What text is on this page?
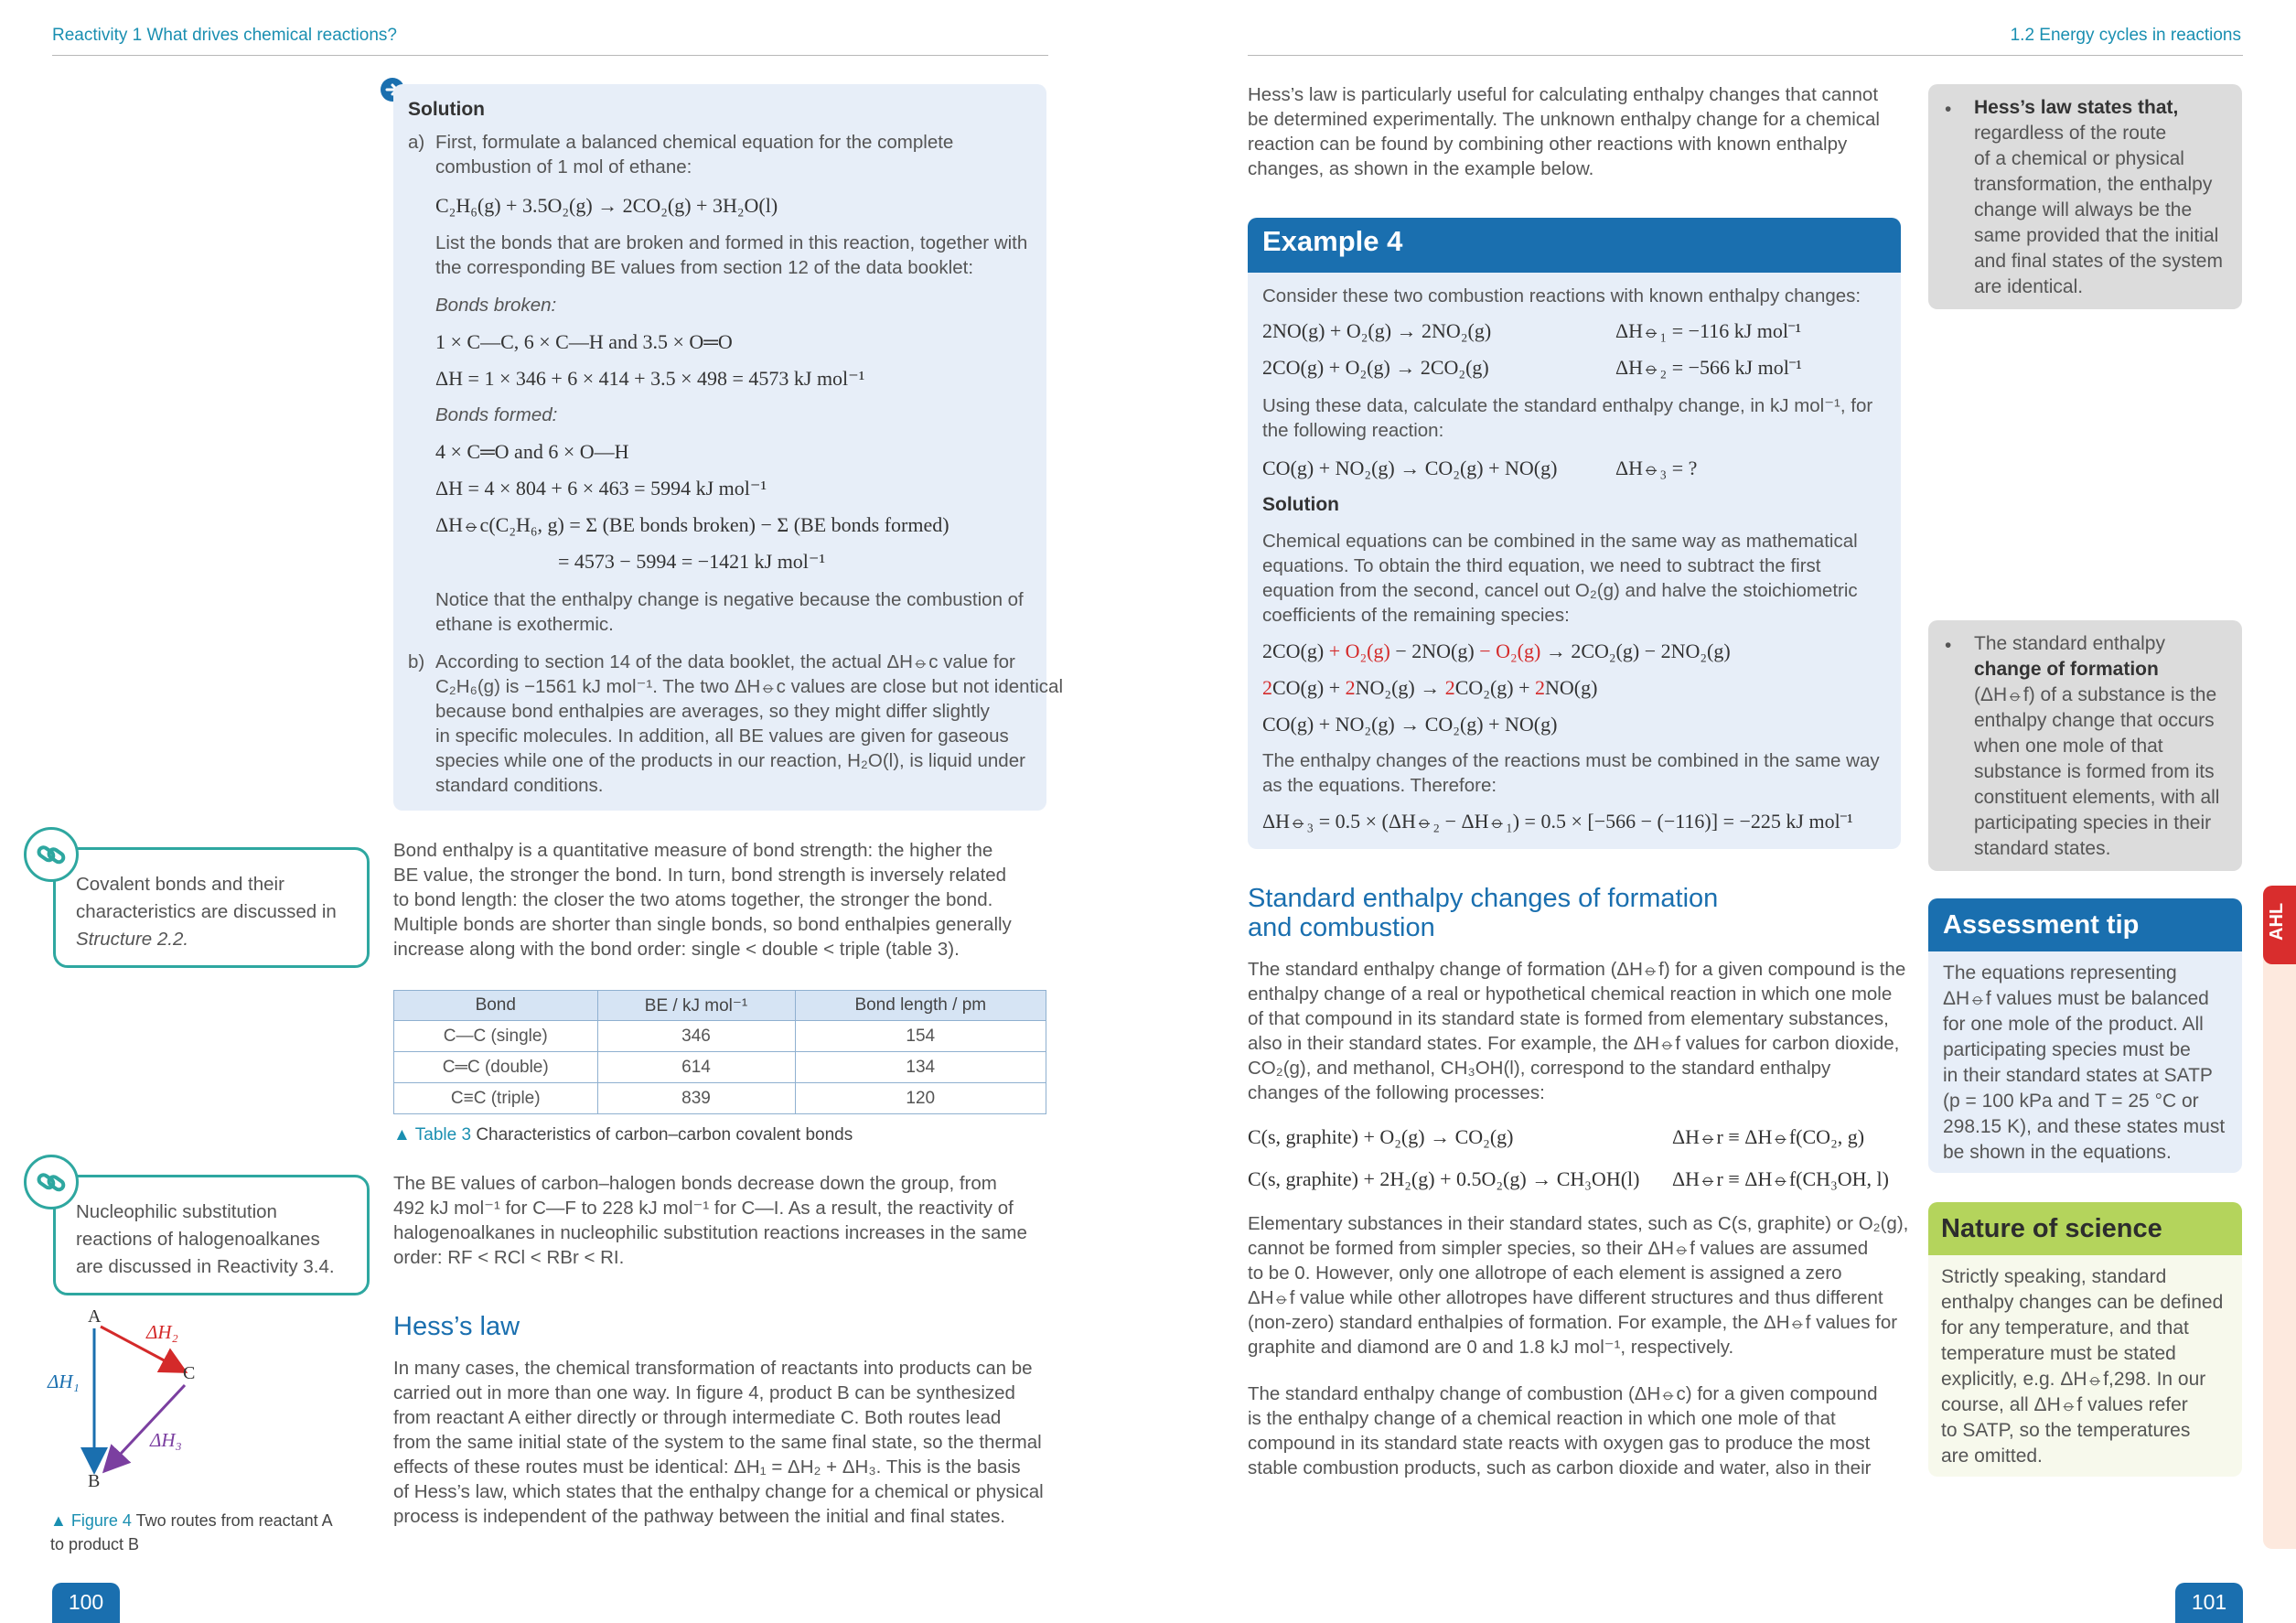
Reactivity 1 What drives chemical reactions?	1.2 Energy cycles in reactions
Solution
a) First, formulate a balanced chemical equation for the complete
combustion of 1 mol of ethane:
C₂H₆(g) + 3.5O₂(g) → 2CO₂(g) + 3H₂O(l)
List the bonds that are broken and formed in this reaction, together with
the corresponding BE values from section 12 of the data booklet:
Bonds broken:
1 × C—C, 6 × C—H and 3.5 × O═O
ΔH = 1 × 346 + 6 × 414 + 3.5 × 498 = 4573 kJ mol⁻¹
Bonds formed:
4 × C═O and 6 × O—H
ΔH = 4 × 804 + 6 × 463 = 5994 kJ mol⁻¹
ΔH⦵c(C₂H₆, g) = Σ (BE bonds broken) − Σ (BE bonds formed)
= 4573 − 5994 = −1421 kJ mol⁻¹
Notice that the enthalpy change is negative because the combustion of
ethane is exothermic.
b) According to section 14 of the data booklet, the actual ΔH⦵c value for
C₂H₆(g) is −1561 kJ mol⁻¹. The two ΔH⦵c values are close but not identical
because bond enthalpies are averages, so they might differ slightly
in specific molecules. In addition, all BE values are given for gaseous
species while one of the products in our reaction, H₂O(l), is liquid under
standard conditions.
Covalent bonds and their
characteristics are discussed in
Structure 2.2.
Nucleophilic substitution
reactions of halogenoalkanes
are discussed in Reactivity 3.4.
Bond enthalpy is a quantitative measure of bond strength: the higher the
BE value, the stronger the bond. In turn, bond strength is inversely related
to bond length: the closer the two atoms together, the stronger the bond.
Multiple bonds are shorter than single bonds, so bond enthalpies generally
increase along with the bond order: single < double < triple (table 3).
Bond	BE / kJ mol⁻¹	Bond length / pm
C—C (single)	346	154
C═C (double)	614	134
C≡C (triple)	839	120
▲ Table 3 Characteristics of carbon–carbon covalent bonds
The BE values of carbon–halogen bonds decrease down the group, from
492 kJ mol⁻¹ for C—F to 228 kJ mol⁻¹ for C—I. As a result, the reactivity of
halogenoalkanes in nucleophilic substitution reactions increases in the same
order: RF < RCl < RBr < RI.
Hess’s law
In many cases, the chemical transformation of reactants into products can be
carried out in more than one way. In figure 4, product B can be synthesized
from reactant A either directly or through intermediate C. Both routes lead
from the same initial state of the system to the same final state, so the thermal
effects of these routes must be identical: ΔH₁ = ΔH₂ + ΔH₃. This is the basis
of Hess’s law, which states that the enthalpy change for a chemical or physical
process is independent of the pathway between the initial and final states.
A
C
B
ΔH₁
ΔH₂
ΔH₃
▲ Figure 4 Two routes from reactant A
to product B
Hess’s law is particularly useful for calculating enthalpy changes that cannot
be determined experimentally. The unknown enthalpy change for a chemical
reaction can be found by combining other reactions with known enthalpy
changes, as shown in the example below.
Example 4
Consider these two combustion reactions with known enthalpy changes:
2NO(g) + O₂(g) → 2NO₂(g)	ΔH⦵₁ = −116 kJ mol⁻¹
2CO(g) + O₂(g) → 2CO₂(g)	ΔH⦵₂ = −566 kJ mol⁻¹
Using these data, calculate the standard enthalpy change, in kJ mol⁻¹, for
the following reaction:
CO(g) + NO₂(g) → CO₂(g) + NO(g)	ΔH⦵₃ = ?
Solution
Chemical equations can be combined in the same way as mathematical
equations. To obtain the third equation, we need to subtract the first
equation from the second, cancel out O₂(g) and halve the stoichiometric
coefficients of the remaining species:
2CO(g) + O₂(g) − 2NO(g) − O₂(g) → 2CO₂(g) − 2NO₂(g)
2CO(g) + 2NO₂(g) → 2CO₂(g) + 2NO(g)
CO(g) + NO₂(g) → CO₂(g) + NO(g)
The enthalpy changes of the reactions must be combined in the same way
as the equations. Therefore:
ΔH⦵₃ = 0.5 × (ΔH⦵₂ − ΔH⦵₁) = 0.5 × [−566 − (−116)] = −225 kJ mol⁻¹
Standard enthalpy changes of formation
and combustion
The standard enthalpy change of formation (ΔH⦵f) for a given compound is the
enthalpy change of a real or hypothetical chemical reaction in which one mole
of that compound in its standard state is formed from elementary substances,
also in their standard states. For example, the ΔH⦵f values for carbon dioxide,
CO₂(g), and methanol, CH₃OH(l), correspond to the standard enthalpy
changes of the following processes:
C(s, graphite) + O₂(g) → CO₂(g)	ΔH⦵r ≡ ΔH⦵f(CO₂, g)
C(s, graphite) + 2H₂(g) + 0.5O₂(g) → CH₃OH(l) ΔH⦵r ≡ ΔH⦵f(CH₃OH, l)
Elementary substances in their standard states, such as C(s, graphite) or O₂(g),
cannot be formed from simpler species, so their ΔH⦵f values are assumed
to be 0. However, only one allotrope of each element is assigned a zero
ΔH⦵f value while other allotropes have different structures and thus different
(non-zero) standard enthalpies of formation. For example, the ΔH⦵f values for
graphite and diamond are 0 and 1.8 kJ mol⁻¹, respectively.
The standard enthalpy change of combustion (ΔH⦵c) for a given compound
is the enthalpy change of a chemical reaction in which one mole of that
compound in its standard state reacts with oxygen gas to produce the most
stable combustion products, such as carbon dioxide and water, also in their
• Hess’s law states that,
regardless of the route
of a chemical or physical
transformation, the enthalpy
change will always be the
same provided that the initial
and final states of the system
are identical.
• The standard enthalpy
change of formation
(ΔH⦵f) of a substance is the
enthalpy change that occurs
when one mole of that
substance is formed from its
constituent elements, with all
participating species in their
standard states.
Assessment tip
The equations representing
ΔH⦵f values must be balanced
for one mole of the product. All
participating species must be
in their standard states at SATP
(p = 100 kPa and T = 25 °C or
298.15 K), and these states must
be shown in the equations.
Nature of science
Strictly speaking, standard
enthalpy changes can be defined
for any temperature, and that
temperature must be stated
explicitly, e.g. ΔH⦵f,298. In our
course, all ΔH⦵f values refer
to SATP, so the temperatures
are omitted.
AHL
100	101
